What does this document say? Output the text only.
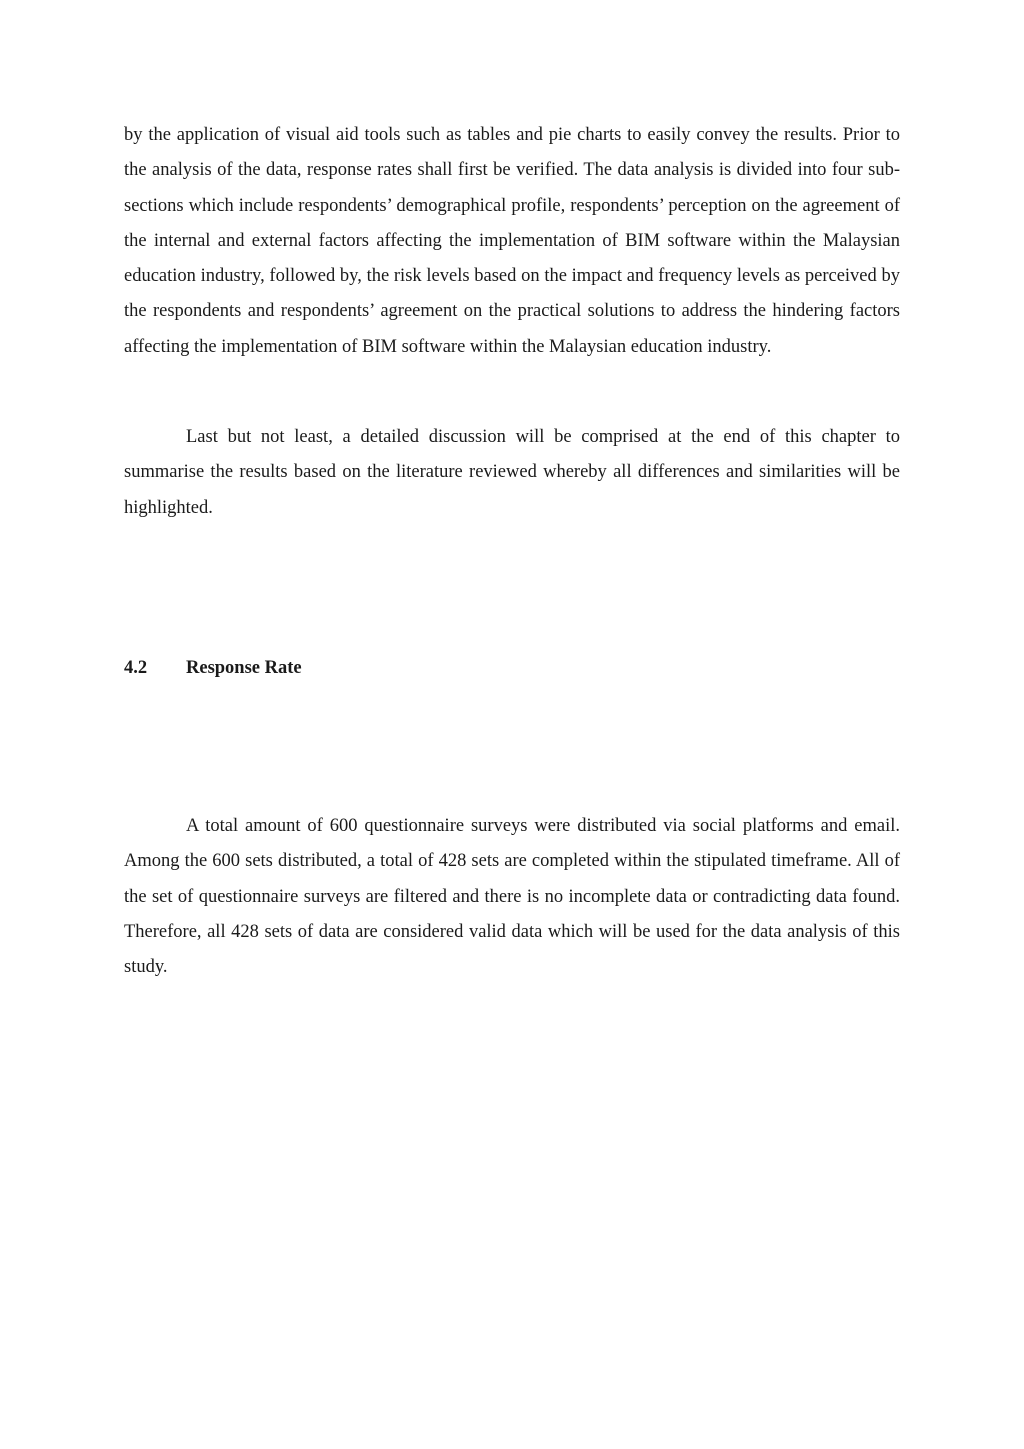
by the application of visual aid tools such as tables and pie charts to easily convey the results. Prior to the analysis of the data, response rates shall first be verified. The data analysis is divided into four sub-sections which include respondents’ demographical profile, respondents’ perception on the agreement of the internal and external factors affecting the implementation of BIM software within the Malaysian education industry, followed by, the risk levels based on the impact and frequency levels as perceived by the respondents and respondents’ agreement on the practical solutions to address the hindering factors affecting the implementation of BIM software within the Malaysian education industry.

Last but not least, a detailed discussion will be comprised at the end of this chapter to summarise the results based on the literature reviewed whereby all differences and similarities will be highlighted.

4.2 Response Rate

A total amount of 600 questionnaire surveys were distributed via social platforms and email. Among the 600 sets distributed, a total of 428 sets are completed within the stipulated timeframe. All of the set of questionnaire surveys are filtered and there is no incomplete data or contradicting data found. Therefore, all 428 sets of data are considered valid data which will be used for the data analysis of this study.
